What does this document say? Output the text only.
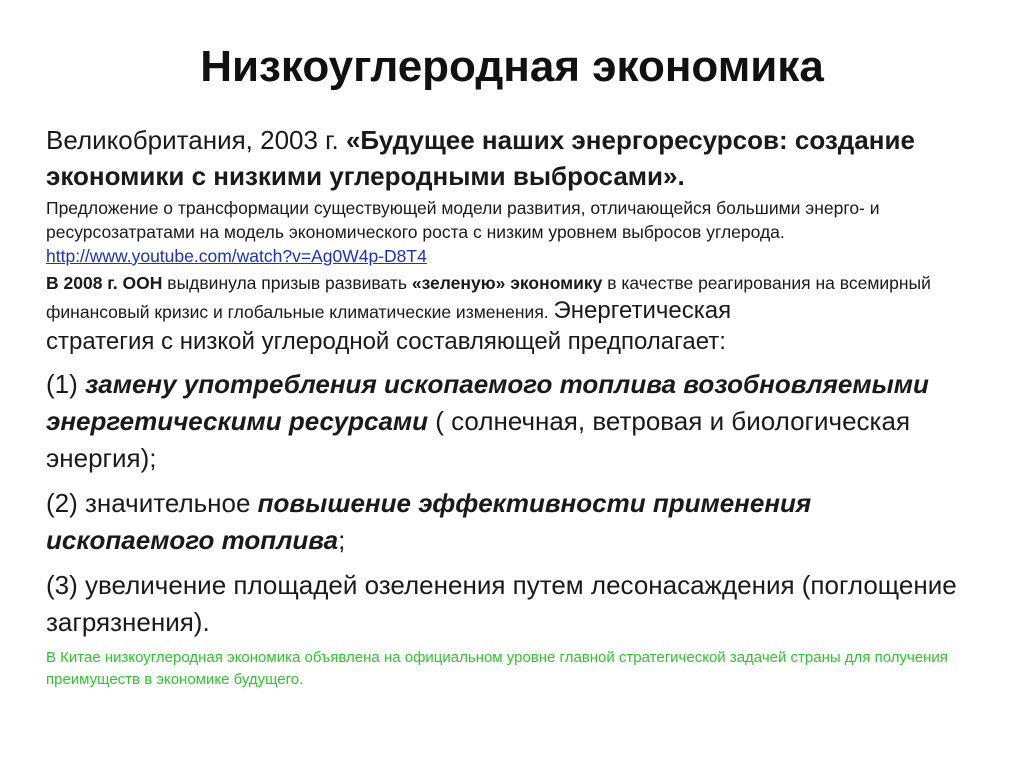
Низкоуглеродная экономика

Великобритания, 2003 г. «Будущее наших энергоресурсов: создание экономики с низкими углеродными выбросами».

Предложение о трансформации существующей модели развития, отличающейся большими энерго- и ресурсозатратами на модель экономического роста с низким уровнем выбросов углерода. http://www.youtube.com/watch?v=Ag0W4p-D8T4

В 2008 г. ООН выдвинула призыв развивать «зеленую» экономику в качестве реагирования на всемирный финансовый кризис и глобальные климатические изменения. Энергетическая
стратегия с низкой углеродной составляющей предполагает:

(1) замену употребления ископаемого топлива возобновляемыми энергетическими ресурсами ( солнечная, ветровая и биологическая энергия);

(2) значительное повышение эффективности применения ископаемого топлива;

(3) увеличение площадей озеленения путем лесонасаждения (поглощение загрязнения).

В Китае низкоуглеродная экономика объявлена на официальном уровне главной стратегической задачей страны для получения преимуществ в экономике будущего.
